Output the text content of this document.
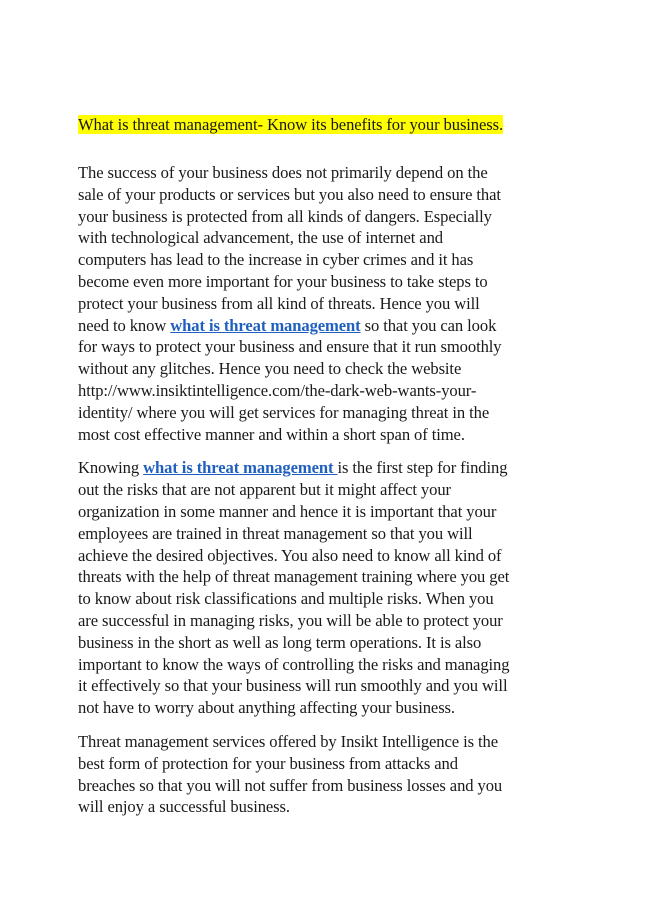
What is threat management- Know its benefits for your business.
The success of your business does not primarily depend on the
sale of your products or services but you also need to ensure that
your business is protected from all kinds of dangers. Especially
with technological advancement, the use of internet and
computers has lead to the increase in cyber crimes and it has
become even more important for your business to take steps to
protect your business from all kind of threats. Hence you will
need to know what is threat management so that you can look
for ways to protect your business and ensure that it run smoothly
without any glitches. Hence you need to check the website
http://www.insiktintelligence.com/the-dark-web-wants-your-
identity/ where you will get services for managing threat in the
most cost effective manner and within a short span of time.
Knowing what is threat management is the first step for finding
out the risks that are not apparent but it might affect your
organization in some manner and hence it is important that your
employees are trained in threat management so that you will
achieve the desired objectives. You also need to know all kind of
threats with the help of threat management training where you get
to know about risk classifications and multiple risks. When you
are successful in managing risks, you will be able to protect your
business in the short as well as long term operations. It is also
important to know the ways of controlling the risks and managing
it effectively so that your business will run smoothly and you will
not have to worry about anything affecting your business.
Threat management services offered by Insikt Intelligence is the
best form of protection for your business from attacks and
breaches so that you will not suffer from business losses and you
will enjoy a successful business.
